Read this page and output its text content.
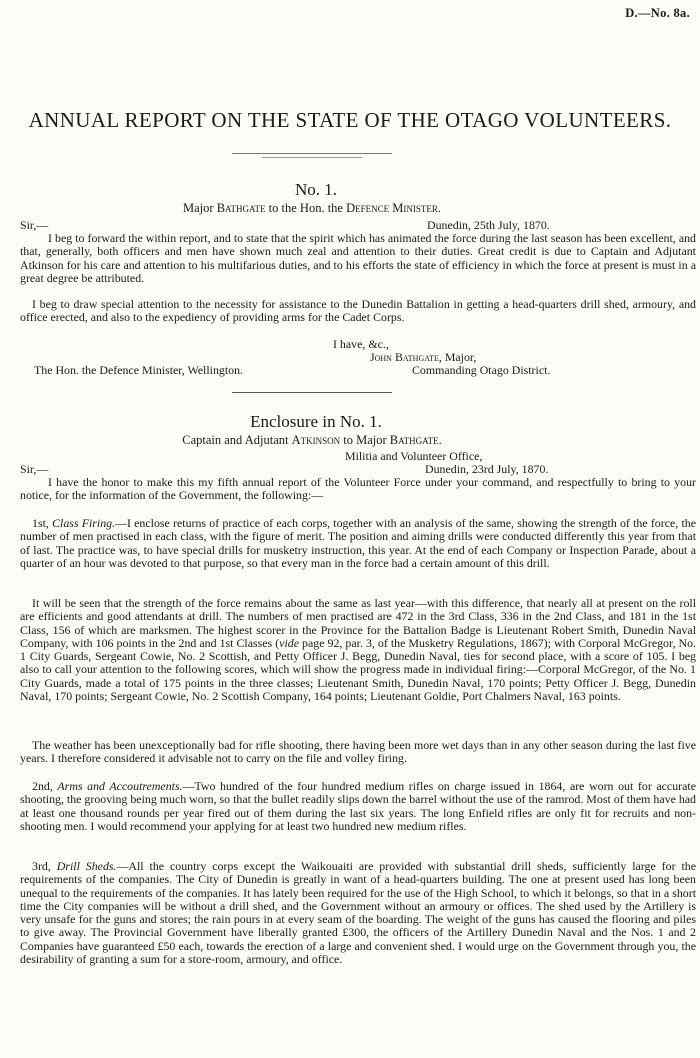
D.—No. 8a.
ANNUAL REPORT ON THE STATE OF THE OTAGO VOLUNTEERS.
No. 1.
Major Bathgate to the Hon. the Defence Minister.
Sir,—	Dunedin, 25th July, 1870.

I beg to forward the within report, and to state that the spirit which has animated the force during the last season has been excellent, and that, generally, both officers and men have shown much zeal and attention to their duties. Great credit is due to Captain and Adjutant Atkinson for his care and attention to his multifarious duties, and to his efforts the state of efficiency in which the force at present is must in a great degree be attributed.

I beg to draw special attention to the necessity for assistance to the Dunedin Battalion in getting a head-quarters drill shed, armoury, and office erected, and also to the expediency of providing arms for the Cadet Corps.

I have, &c.,
John Bathgate, Major,
The Hon. the Defence Minister, Wellington.	Commanding Otago District.
Enclosure in No. 1.
Captain and Adjutant Atkinson to Major Bathgate.
Militia and Volunteer Office,
Sir,—	Dunedin, 23rd July, 1870.

I have the honor to make this my fifth annual report of the Volunteer Force under your command, and respectfully to bring to your notice, for the information of the Government, the following:—

1st, Class Firing.—I enclose returns of practice of each corps, together with an analysis of the same, showing the strength of the force, the number of men practised in each class, with the figure of merit. The position and aiming drills were conducted differently this year from that of last. The practice was, to have special drills for musketry instruction, this year. At the end of each Company or Inspection Parade, about a quarter of an hour was devoted to that purpose, so that every man in the force had a certain amount of this drill.

It will be seen that the strength of the force remains about the same as last year—with this difference, that nearly all at present on the roll are efficients and good attendants at drill. The numbers of men practised are 472 in the 3rd Class, 336 in the 2nd Class, and 181 in the 1st Class, 156 of which are marksmen. The highest scorer in the Province for the Battalion Badge is Lieutenant Robert Smith, Dunedin Naval Company, with 106 points in the 2nd and 1st Classes (vide page 92, par. 3, of the Musketry Regulations, 1867); with Corporal McGregor, No. 1 City Guards, Sergeant Cowie, No. 2 Scottish, and Petty Officer J. Begg, Dunedin Naval, ties for second place, with a score of 105. I beg also to call your attention to the following scores, which will show the progress made in individual firing:—Corporal McGregor, of the No. 1 City Guards, made a total of 175 points in the three classes; Lieutenant Smith, Dunedin Naval, 170 points; Petty Officer J. Begg, Dunedin Naval, 170 points; Sergeant Cowie, No. 2 Scottish Company, 164 points; Lieutenant Goldie, Port Chalmers Naval, 163 points.

The weather has been unexceptionally bad for rifle shooting, there having been more wet days than in any other season during the last five years. I therefore considered it advisable not to carry on the file and volley firing.

2nd, Arms and Accoutrements.—Two hundred of the four hundred medium rifles on charge issued in 1864, are worn out for accurate shooting, the grooving being much worn, so that the bullet readily slips down the barrel without the use of the ramrod. Most of them have had at least one thousand rounds per year fired out of them during the last six years. The long Enfield rifles are only fit for recruits and non-shooting men. I would recommend your applying for at least two hundred new medium rifles.

3rd, Drill Sheds.—All the country corps except the Waikouaiti are provided with substantial drill sheds, sufficiently large for the requirements of the companies. The City of Dunedin is greatly in want of a head-quarters building. The one at present used has long been unequal to the requirements of the companies. It has lately been required for the use of the High School, to which it belongs, so that in a short time the City companies will be without a drill shed, and the Government without an armoury or offices. The shed used by the Artillery is very unsafe for the guns and stores; the rain pours in at every seam of the boarding. The weight of the guns has caused the flooring and piles to give away. The Provincial Government have liberally granted £300, the officers of the Artillery Dunedin Naval and the Nos. 1 and 2 Companies have guaranteed £50 each, towards the erection of a large and convenient shed. I would urge on the Government through you, the desirability of granting a sum for a store-room, armoury, and office.
